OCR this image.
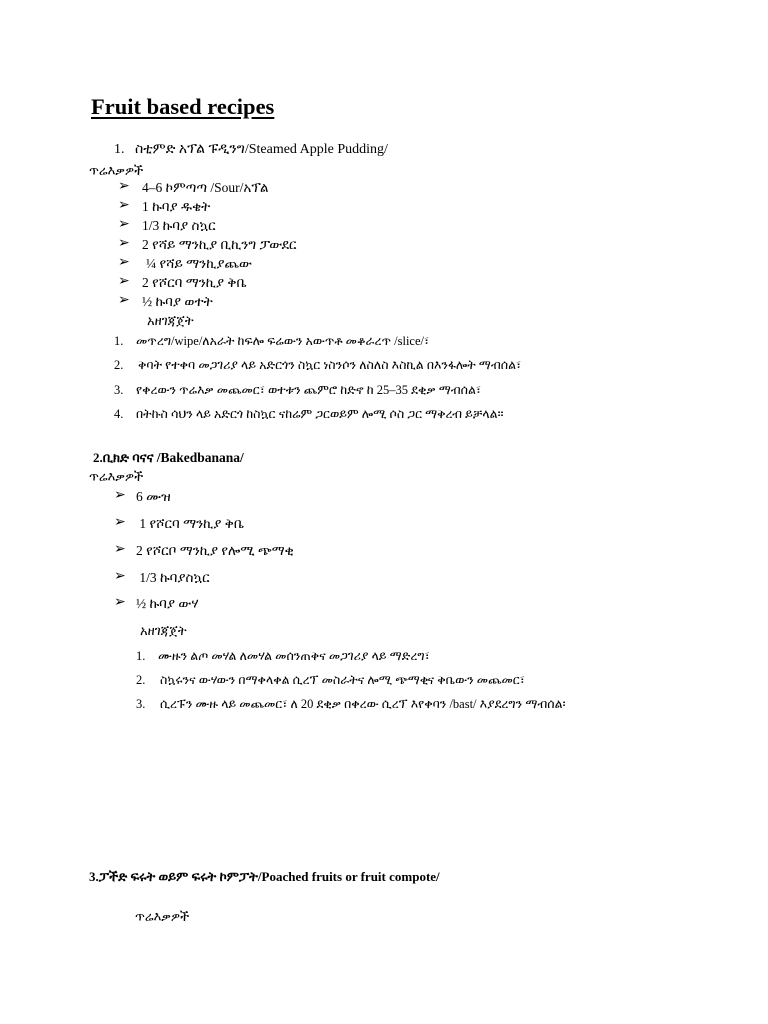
Fruit based recipes
1. ስቲምድ አፕል ፑዲንግ/Steamed Apple Pudding/
ጥሬእቃዎች
➢ 4–6 ኮምጣጣ /Sour/አፕል
➢ 1 ኩባያ ዱቄት
➢ 1/3 ኩባያ ስኳር
➢ 2 የሻይ ማንኪያ ቢኪንግ ፓውደር
➢ ¼ የሻይ ማንኪያጨው
➢ 2 የሾርባ ማንኪያ ቅቤ
➢ ½ ኩባያ ወተት
አዘገጃጀት
1. መጥረግ/wipe/ለአራት ከፍሎ ፍሬውን አውጥቶ መቆራረጥ /slice/፣
2. ቅባት የተቀባ መጋገሪያ ላይ አድርጎን ስኳር ነስንሶን ለስለስ እስኪል በእንፋሎት ማብሰል፣
3. የቀረውን ጥሬእቃ መጨመር፣ ወተቱን ጨምሮ ከድኖ ከ 25–35 ደቂቃ ማብሰል፣
4. በትኩስ ሳህን ላይ አድርጎ ከስኳር ናከሬም ጋርወይም ሎሚ ሶስ ጋር ማቅረብ ይቻላል።
2.ቢክድ ባናና /Bakedbanana/
ጥሬእቃዎች
➢ 6 ሙዝ
➢ 1 የሾርባ ማንኪያ ቅቤ
➢ 2 የሾርቦ ማንኪያ የሎሚ ጭማቂ
➢ 1/3 ኩባያስኳር
➢ ½ ኩባያ ውሃ
አዘገጃጀት
1. ሙዙን ልጦ መሃል ለመሃል መሰንጠቅና መጋገሪያ ላይ ማድረግ፣
2. ስኳሩንና ውሃውን በማቀላቀል ሲረፕ መስራትና ሎሚ ጭማቂና ቅቤውን መጨመር፣
3. ሲረፑን ሙዙ ላይ መጨመር፣ ለ 20 ደቂቃ በቀረው ሲረፕ እየቀባን /bast/ እያደረግን ማብሰል፡
3.ፓችድ ፍሩት ወይም ፍሩት ኮምፓት/Poached fruits or fruit compote/
ጥሬእቃዎች
